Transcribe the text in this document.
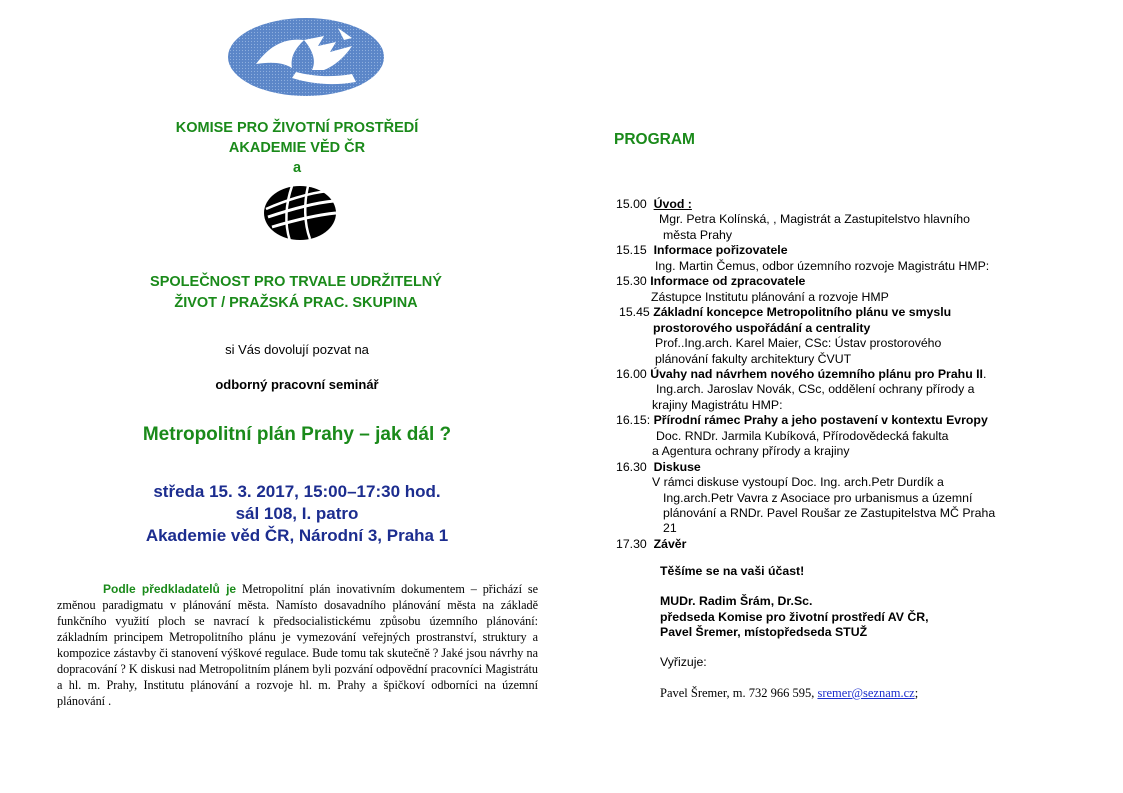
KOMISE PRO ŽIVOTNÍ PROSTŘEDÍ
AKADEMIE VĚD ČR
a
SPOLEČNOST PRO TRVALE UDRŽITELNÝ
ŽIVOT / PRAŽSKÁ PRAC. SKUPINA
si Vás dovolují pozvat na
odborný pracovní seminář
Metropolitní plán Prahy – jak dál ?
středa 15. 3. 2017, 15:00–17:30 hod.
sál 108, I. patro
Akademie věd ČR, Národní 3, Praha 1
Podle předkladatelů je Metropolitní plán inovativním dokumentem – přichází se změnou paradigmatu v plánování města. Namísto dosavadního plánování města na základě funkčního využití ploch se navrací k předsocialistickému způsobu územního plánování: základním principem Metropolitního plánu je vymezování veřejných prostranství, struktury a kompozice zástavby či stanovení výškové regulace. Bude tomu tak skutečně ? Jaké jsou návrhy na dopracování ? K diskusi nad Metropolitním plánem byli pozvání odpovědní pracovníci Magistrátu a hl. m. Prahy, Institutu plánování a rozvoje hl. m. Prahy a špičkoví odborníci na územní plánování .
PROGRAM
15.00  Úvod :
Mgr. Petra Kolínská, , Magistrát a Zastupitelstvo hlavního
města Prahy
15.15  Informace pořizovatele
Ing. Martin Čemus, odbor územního rozvoje Magistrátu HMP:
15.30 Informace od zpracovatele
Zástupce Institutu plánování a rozvoje HMP
15.45 Základní koncepce Metropolitního plánu ve smyslu
prostorového uspořádání a centrality
Prof..Ing.arch. Karel Maier, CSc: Ústav prostorového
plánování fakulty architektury ČVUT
16.00 Úvahy nad návrhem nového územního plánu pro Prahu II.
Ing.arch. Jaroslav Novák, CSc, oddělení ochrany přírody a
krajiny Magistrátu HMP:
16.15: Přírodní rámec Prahy a jeho postavení v kontextu Evropy
Doc. RNDr. Jarmila Kubíková, Přírodovědecká fakulta
a Agentura ochrany přírody a krajiny
16.30  Diskuse
V rámci diskuse vystoupí Doc. Ing. arch.Petr Durdík a
Ing.arch.Petr Vavra z Asociace pro urbanismus a územní
plánování a RNDr. Pavel Roušar ze Zastupitelstva MČ Praha
21
17.30  Závěr
Těšíme se na vaši účast!
MUDr. Radim Šrám, Dr.Sc.
předseda Komise pro životní prostředí AV ČR,
Pavel Šremer, místopředseda STUŽ
Vyřizuje:
Pavel Šremer, m. 732 966 595, sremer@seznam.cz;
